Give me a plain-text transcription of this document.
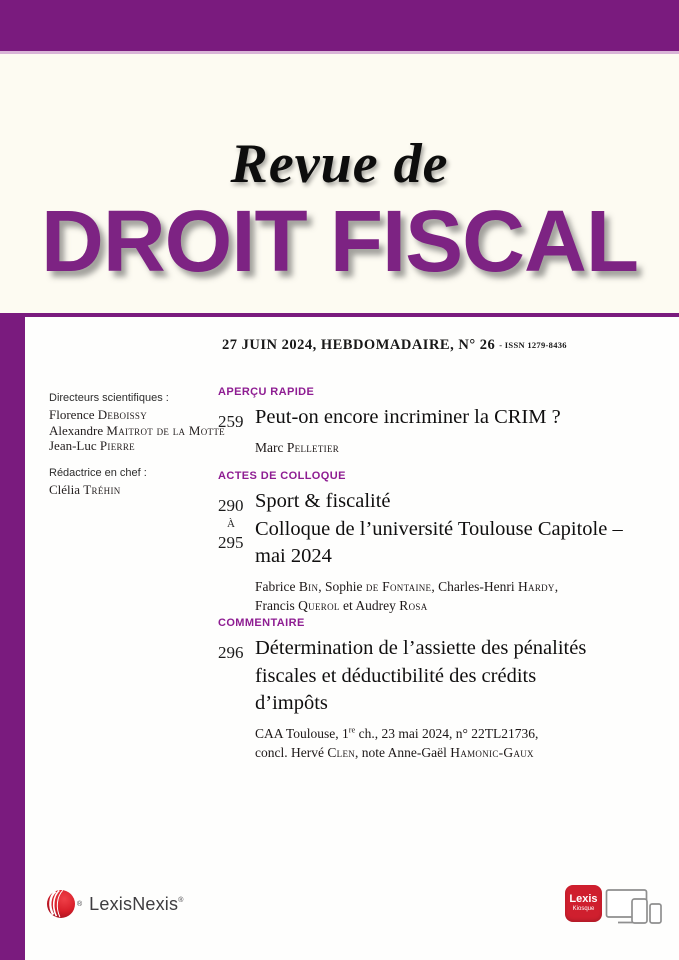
Revue de
DROIT FISCAL
27 JUIN 2024, HEBDOMADAIRE, N° 26 - ISSN 1279-8436
Directeurs scientifiques :
Florence Deboissy
Alexandre Maitrot de la Motte
Jean-Luc Pierre
Rédactrice en chef :
Clélia Tréhin
APERÇU RAPIDE
259 Peut-on encore incriminer la CRIM ?
Marc Pelletier
ACTES DE COLLOQUE
290
À
295
Sport & fiscalité
Colloque de l’université Toulouse Capitole –
mai 2024
Fabrice Bin, Sophie de Fontaine, Charles-Henri Hardy,
Francis Querol et Audrey Rosa
COMMENTAIRE
296 Détermination de l’assiette des pénalités
fiscales et déductibilité des crédits
d’impôts
CAA Toulouse, 1re ch., 23 mai 2024, n° 22TL21736,
concl. Hervé Clen, note Anne-Gaël Hamonic-Gaux
® LexisNexis®	Lexis
Kiosque
